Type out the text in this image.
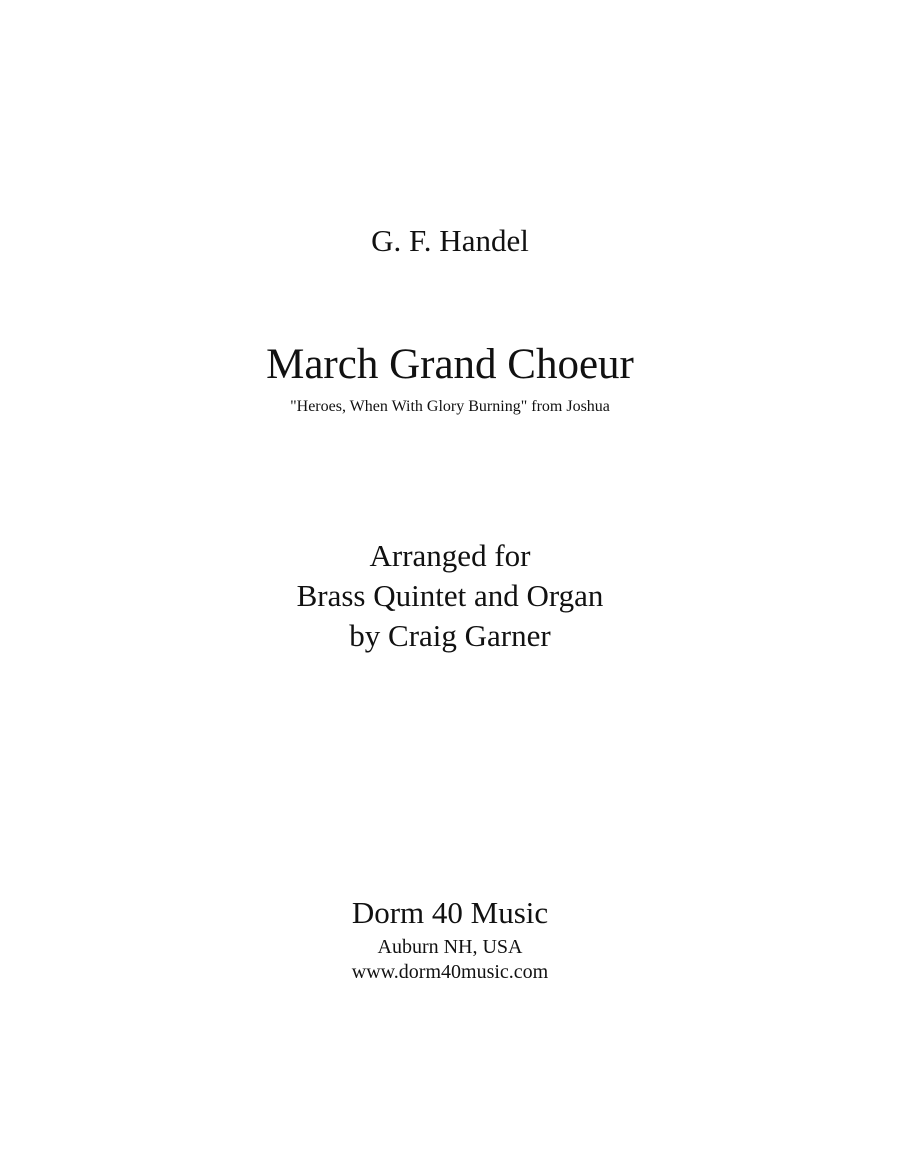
G. F. Handel
March Grand Choeur
"Heroes, When With Glory Burning" from Joshua
Arranged for
Brass Quintet and Organ
by Craig Garner
Dorm 40 Music
Auburn NH, USA
www.dorm40music.com
